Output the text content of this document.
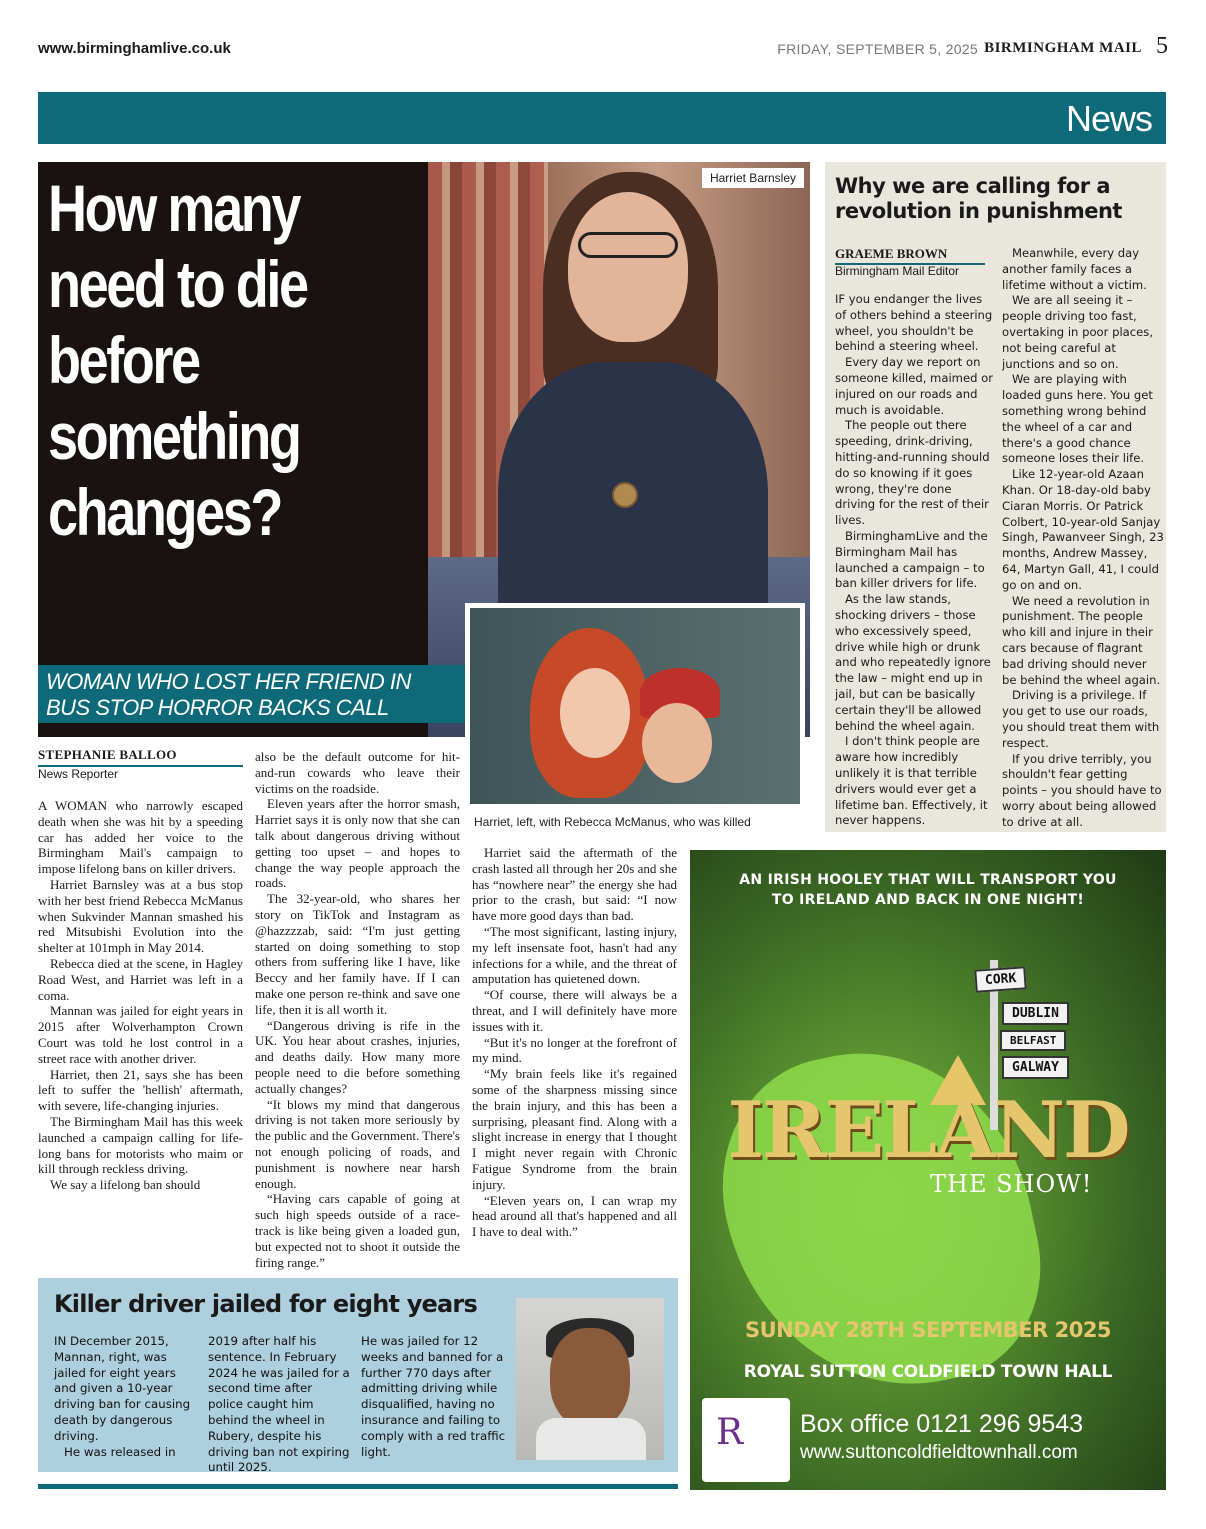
www.birminghamlive.co.uk	FRIDAY, SEPTEMBER 5, 2025 BIRMINGHAM MAIL 5
News
Harriet Barnsley
How many need to die before something changes?
WOMAN WHO LOST HER FRIEND IN BUS STOP HORROR BACKS CALL
Harriet, left, with Rebecca McManus, who was killed
STEPHANIE BALLOO
News Reporter

A WOMAN who narrowly escaped death when she was hit by a speeding car has added her voice to the Birmingham Mail's campaign to impose lifelong bans on killer drivers.

Harriet Barnsley was at a bus stop with her best friend Rebecca McManus when Sukvinder Mannan smashed his red Mitsubishi Evolution into the shelter at 101mph in May 2014.

Rebecca died at the scene, in Hagley Road West, and Harriet was left in a coma.

Mannan was jailed for eight years in 2015 after Wolverhampton Crown Court was told he lost control in a street race with another driver.

Harriet, then 21, says she has been left to suffer the 'hellish' aftermath, with severe, life-changing injuries.

The Birmingham Mail has this week launched a campaign calling for life-long bans for motorists who maim or kill through reckless driving.

We say a lifelong ban should

also be the default outcome for hit-and-run cowards who leave their victims on the roadside.

Eleven years after the horror smash, Harriet says it is only now that she can talk about dangerous driving without getting too upset – and hopes to change the way people approach the roads.

The 32-year-old, who shares her story on TikTok and Instagram as @hazzzzab, said: “I'm just getting started on doing something to stop others from suffering like I have, like Beccy and her family have. If I can make one person re-think and save one life, then it is all worth it.

“Dangerous driving is rife in the UK. You hear about crashes, injuries, and deaths daily. How many more people need to die before something actually changes?

“It blows my mind that dangerous driving is not taken more seriously by the public and the Government. There's not enough policing of roads, and punishment is nowhere near harsh enough.

“Having cars capable of going at such high speeds outside of a race-track is like being given a loaded gun, but expected not to shoot it outside the firing range.”

Harriet said the aftermath of the crash lasted all through her 20s and she has “nowhere near” the energy she had prior to the crash, but said: “I now have more good days than bad.

“The most significant, lasting injury, my left insensate foot, hasn't had any infections for a while, and the threat of amputation has quietened down.

“Of course, there will always be a threat, and I will definitely have more issues with it.

“But it's no longer at the forefront of my mind.

“My brain feels like it's regained some of the sharpness missing since the brain injury, and this has been a surprising, pleasant find. Along with a slight increase in energy that I thought I might never regain with Chronic Fatigue Syndrome from the brain injury.

“Eleven years on, I can wrap my head around all that's happened and all I have to deal with.”

Why we are calling for a revolution in punishment
GRAEME BROWN
Birmingham Mail Editor

IF you endanger the lives of others behind a steering wheel, you shouldn't be behind a steering wheel.

Every day we report on someone killed, maimed or injured on our roads and much is avoidable.

The people out there speeding, drink-driving, hitting-and-running should do so knowing if it goes wrong, they're done driving for the rest of their lives.

BirminghamLive and the Birmingham Mail has launched a campaign – to ban killer drivers for life.

As the law stands, shocking drivers – those who excessively speed, drive while high or drunk and who repeatedly ignore the law – might end up in jail, but can be basically certain they'll be allowed behind the wheel again.

I don't think people are aware how incredibly unlikely it is that terrible drivers would ever get a lifetime ban. Effectively, it never happens.

Meanwhile, every day another family faces a lifetime without a victim.

We are all seeing it – people driving too fast, overtaking in poor places, not being careful at junctions and so on.

We are playing with loaded guns here. You get something wrong behind the wheel of a car and there's a good chance someone loses their life.

Like 12-year-old Azaan Khan. Or 18-day-old baby Ciaran Morris. Or Patrick Colbert, 10-year-old Sanjay Singh, Pawanveer Singh, 23 months, Andrew Massey, 64, Martyn Gall, 41, I could go on and on.

We need a revolution in punishment. The people who kill and injure in their cars because of flagrant bad driving should never be behind the wheel again.

Driving is a privilege. If you get to use our roads, you should treat them with respect.

If you drive terribly, you shouldn't fear getting points – you should have to worry about being allowed to drive at all.

Killer driver jailed for eight years

IN December 2015, Mannan, right, was jailed for eight years and given a 10-year driving ban for causing death by dangerous driving.

He was released in

2019 after half his sentence. In February 2024 he was jailed for a second time after police caught him behind the wheel in Rubery, despite his driving ban not expiring until 2025.

He was jailed for 12 weeks and banned for a further 770 days after admitting driving while disqualified, having no insurance and failing to comply with a red traffic light.

AN IRISH HOOLEY THAT WILL TRANSPORT YOU
TO IRELAND AND BACK IN ONE NIGHT!
CORK
DUBLIN
BELFAST
GALWAY
IRELAND
THE SHOW!
SUNDAY 28TH SEPTEMBER 2025
ROYAL SUTTON COLDFIELD TOWN HALL
R Box office 0121 296 9543
www.suttoncoldfieldtownhall.com
